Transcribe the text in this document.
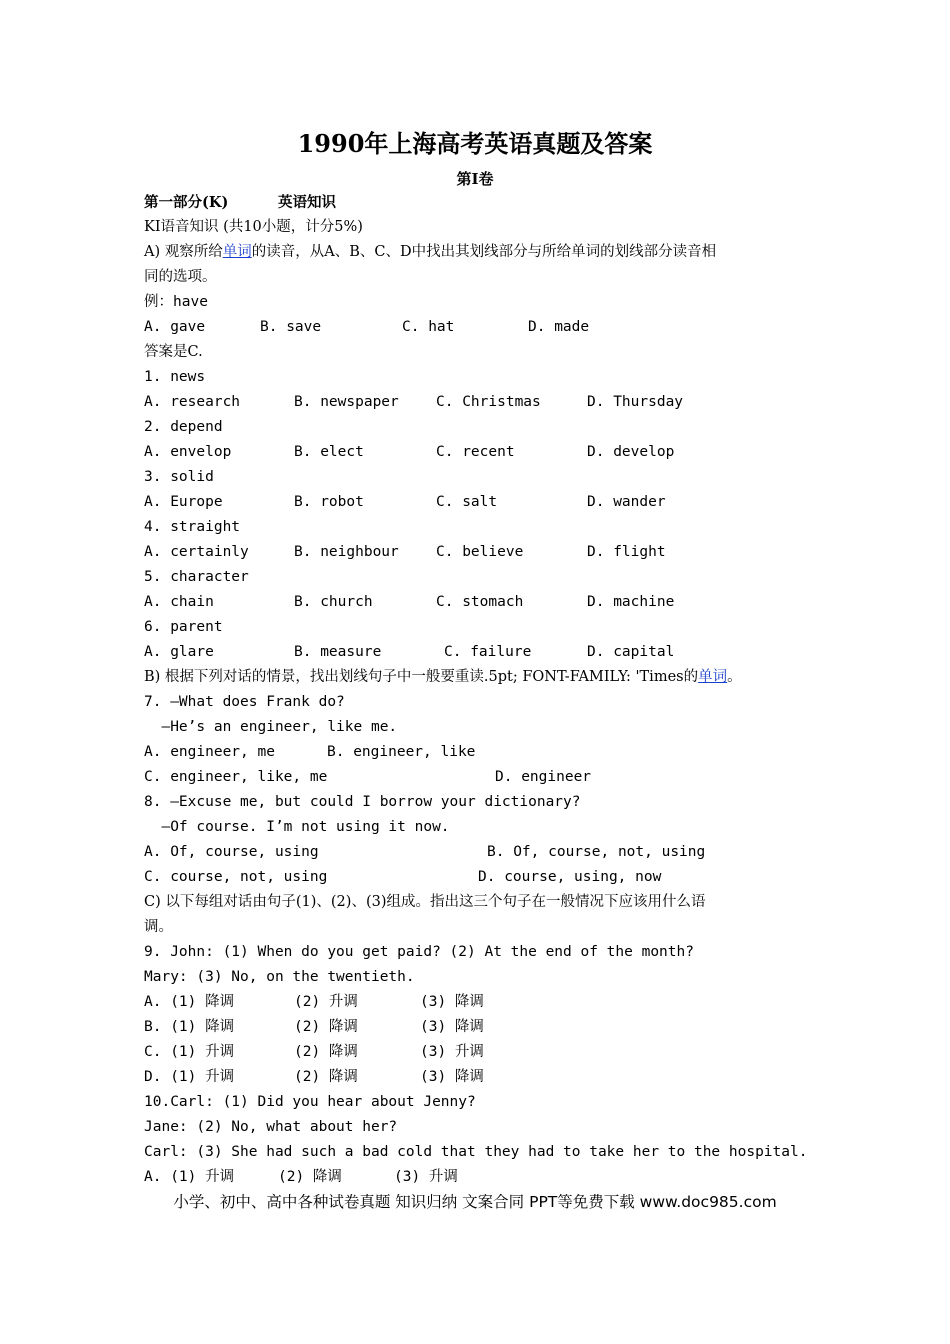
1990年上海高考英语真题及答案
第I卷

第一部分(K)

	英语知识

KI语音知识 (共10小题，计分5%)
A) 观察所给单词的读音，从A、B、C、D中找出其划线部分与所给单词的划线部分读音相
同的选项。
例：have

A. gave

	B. save

	C. hat

	D. made

答案是C.
1. news

A. research

	B. newspaper

	C. Christmas

	D. Thursday

2. depend

A. envelop

	B. elect

	C. recent

	D. develop

3. solid

A. Europe

	B. robot

	C. salt

	D. wander

4. straight

A. certainly

	B. neighbour

	C. believe

	D. flight

5. character

A. chain

	B. church

	C. stomach

	D. machine

6. parent

A. glare

	B. measure

	C. failure

	D. capital

B) 根据下列对话的情景，找出划线句子中一般要重读.5pt; FONT-FAMILY: 'Times的单词。
7. —What does Frank do?
—He’s an engineer, like me.

A. engineer, me

	B. engineer, like

C. engineer, like, me

	D. engineer

8. —Excuse me, but could I borrow your dictionary?
—Of course. I’m not using it now.

A. Of, course, using

	B. Of, course, not, using

C. course, not, using

	D. course, using, now

C) 以下每组对话由句子(1)、(2)、(3)组成。指出这三个句子在一般情况下应该用什么语
调。
9. John: (1) When do you get paid? (2) At the end of the month?
Mary: (3) No, on the twentieth.

A. (1) 降调

	(2) 升调

	(3) 降调

B. (1) 降调

	(2) 降调

	(3) 降调

C. (1) 升调

	(2) 降调

	(3) 升调

D. (1) 升调

	(2) 降调

	(3) 降调

10.Carl: (1) Did you hear about Jenny?
Jane: (2) No, what about her?
Carl: (3) She had such a bad cold that they had to take her to the hospital.

A. (1) 升调

	(2) 降调

	(3) 升调

小学、初中、高中各种试卷真题 知识归纳 文案合同 PPT等免费下载 www.doc985.com
